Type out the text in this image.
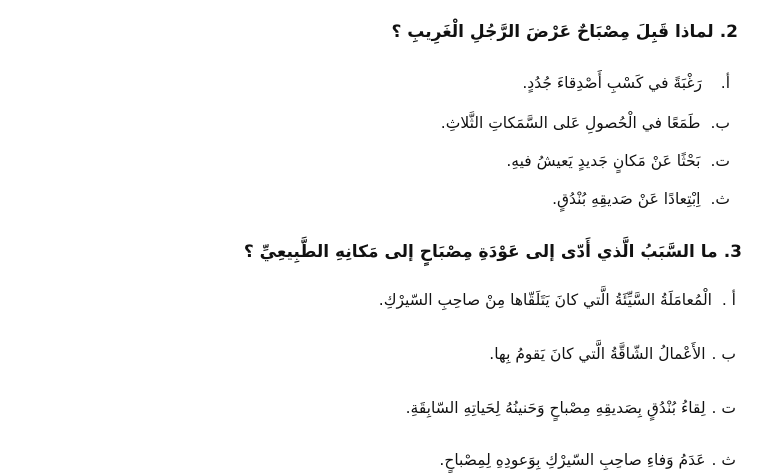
2.لماذا قَبِلَ مِصْبَاحٌ عَرْضَ الرَّجُلِ الْغَرِيبِ ؟

أ.رَغْبَةً في كَسْبِ أَصْدِقاءَ جُدُدٍ.
ب.طَمَعًا في الْحُصولِ عَلى السَّمَكاتِ الثَّلاثِ.
ت.بَحْثًا عَنْ مَكانٍ جَديدٍ يَعيشُ فيهِ.
ث.اِبْتِعادًا عَنْ صَديقِهِ بُنْدُقٍ.

3.ما السَّبَبُ الَّذي أَدّى إلى عَوْدَةِ مِصْبَاحٍ إلى مَكانِهِ الطَّبِيعِيِّ ؟

أ .الْمُعامَلَةُ السَّيِّئَةُ الَّتي كانَ يَتَلَقّاها مِنْ صاحِبِ السّيرْكِ.
ب .الأَعْمالُ الشّاقَّةُ الَّتي كانَ يَقومُ بِها.
ت .لِقاءُ بُنْدُقٍ بِصَديقِهِ مِصْباحٍ وَحَنينُهُ لِحَياتِهِ السّابِقَةِ.
ث .عَدَمُ وَفاءِ صاحِبِ السّيرْكِ بِوَعودِهِ لِمِصْباحٍ.
